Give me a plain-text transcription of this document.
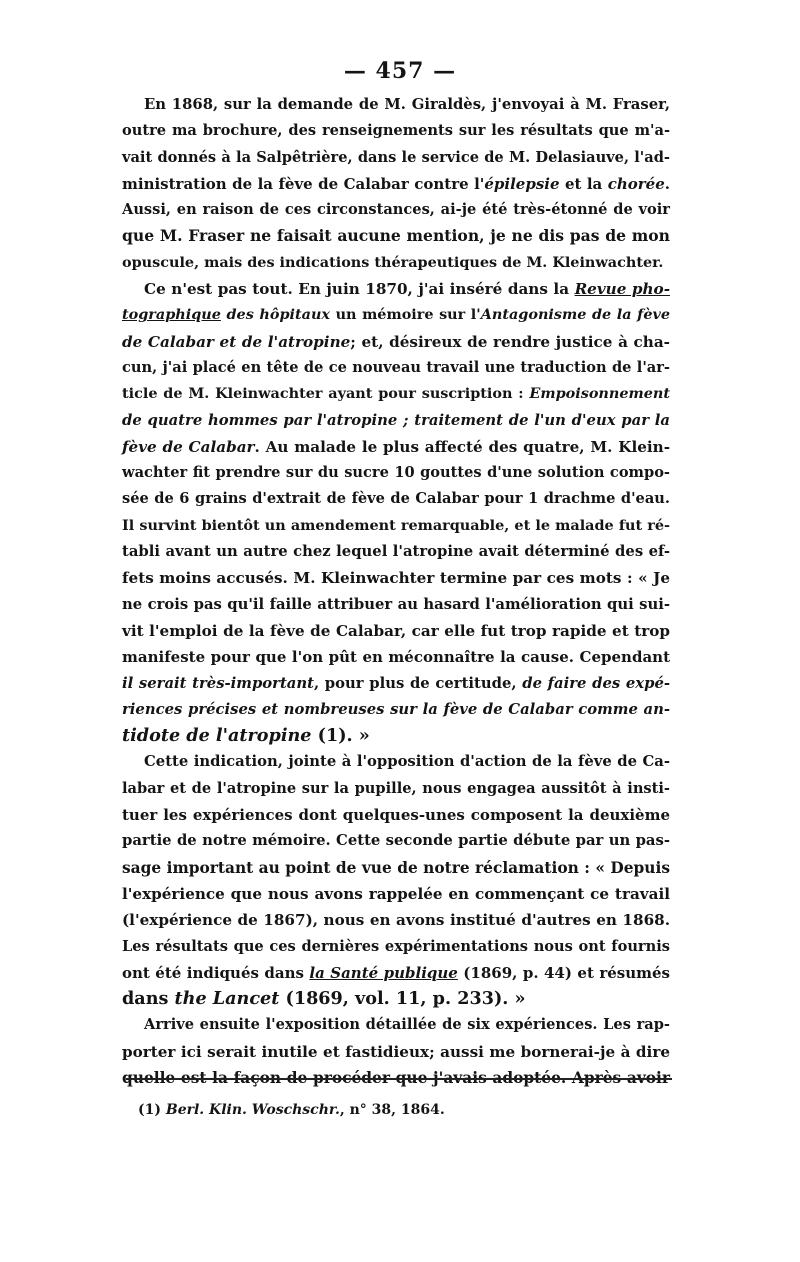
— 457 —
En 1868, sur la demande de M. Giraldès, j'envoyai à M. Fraser,
outre ma brochure, des renseignements sur les résultats que m'a-
vait donnés à la Salpêtrière, dans le service de M. Delasiauve, l'ad-
ministration de la fève de Calabar contre l'épilepsie et la chorée.
Aussi, en raison de ces circonstances, ai-je été très-étonné de voir
que M. Fraser ne faisait aucune mention, je ne dis pas de mon
opuscule, mais des indications thérapeutiques de M. Kleinwachter.
Ce n'est pas tout. En juin 1870, j'ai inséré dans la Revue pho-
tographique des hôpitaux un mémoire sur l'Antagonisme de la fève
de Calabar et de l'atropine; et, désireux de rendre justice à cha-
cun, j'ai placé en tête de ce nouveau travail une traduction de l'ar-
ticle de M. Kleinwachter ayant pour suscription : Empoisonnement
de quatre hommes par l'atropine ; traitement de l'un d'eux par la
fève de Calabar. Au malade le plus affecté des quatre, M. Klein-
wachter fit prendre sur du sucre 10 gouttes d'une solution compo-
sée de 6 grains d'extrait de fève de Calabar pour 1 drachme d'eau.
Il survint bientôt un amendement remarquable, et le malade fut ré-
tabli avant un autre chez lequel l'atropine avait déterminé des ef-
fets moins accusés. M. Kleinwachter termine par ces mots : « Je
ne crois pas qu'il faille attribuer au hasard l'amélioration qui sui-
vit l'emploi de la fève de Calabar, car elle fut trop rapide et trop
manifeste pour que l'on pût en méconnaître la cause. Cependant
il serait très-important, pour plus de certitude, de faire des expé-
riences précises et nombreuses sur la fève de Calabar comme an-
tidote de l'atropine (1). »
Cette indication, jointe à l'opposition d'action de la fève de Ca-
labar et de l'atropine sur la pupille, nous engagea aussitôt à insti-
tuer les expériences dont quelques-unes composent la deuxième
partie de notre mémoire. Cette seconde partie débute par un pas-
sage important au point de vue de notre réclamation : « Depuis
l'expérience que nous avons rappelée en commençant ce travail
(l'expérience de 1867), nous en avons institué d'autres en 1868.
Les résultats que ces dernières expérimentations nous ont fournis
ont été indiqués dans la Santé publique (1869, p. 44) et résumés
dans the Lancet (1869, vol. 11, p. 233). »
Arrive ensuite l'exposition détaillée de six expériences. Les rap-
porter ici serait inutile et fastidieux; aussi me bornerai-je à dire
quelle est la façon de procéder que j'avais adoptée. Après avoir
(1) Berl. Klin. Woschschr., n° 38, 1864.
